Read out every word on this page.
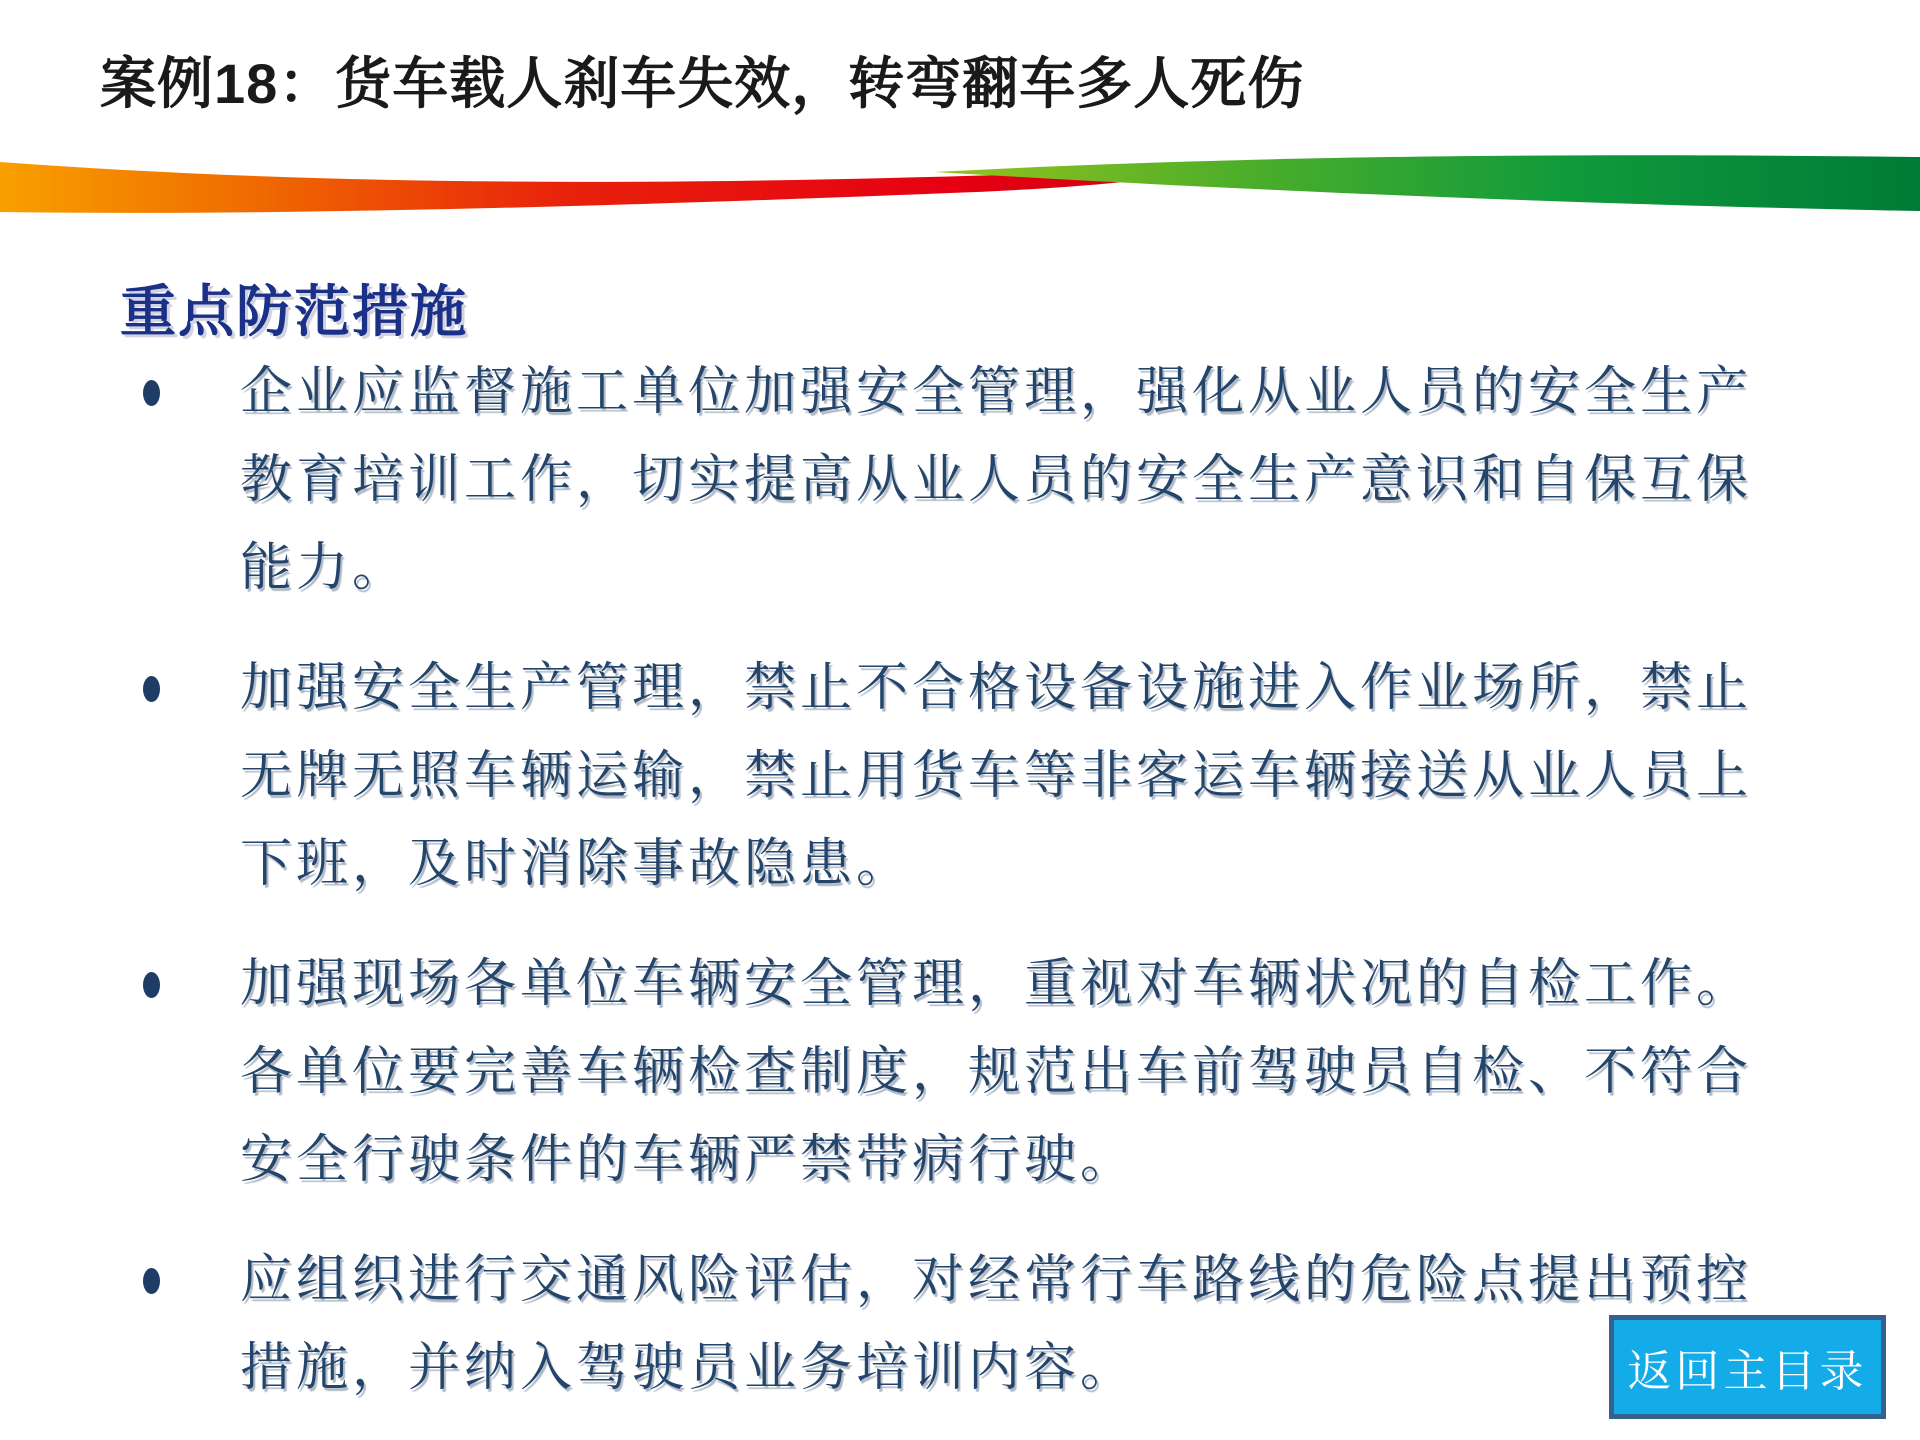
案例18：货车载人刹车失效，转弯翻车多人死伤
重点防范措施
企业应监督施工单位加强安全管理，强化从业人员的安全生产
教育培训工作，切实提高从业人员的安全生产意识和自保互保
能力。
加强安全生产管理，禁止不合格设备设施进入作业场所，禁止
无牌无照车辆运输，禁止用货车等非客运车辆接送从业人员上
下班，及时消除事故隐患。
加强现场各单位车辆安全管理，重视对车辆状况的自检工作。
各单位要完善车辆检查制度，规范出车前驾驶员自检、不符合
安全行驶条件的车辆严禁带病行驶。
应组织进行交通风险评估，对经常行车路线的危险点提出预控
措施，并纳入驾驶员业务培训内容。	返回主目录
